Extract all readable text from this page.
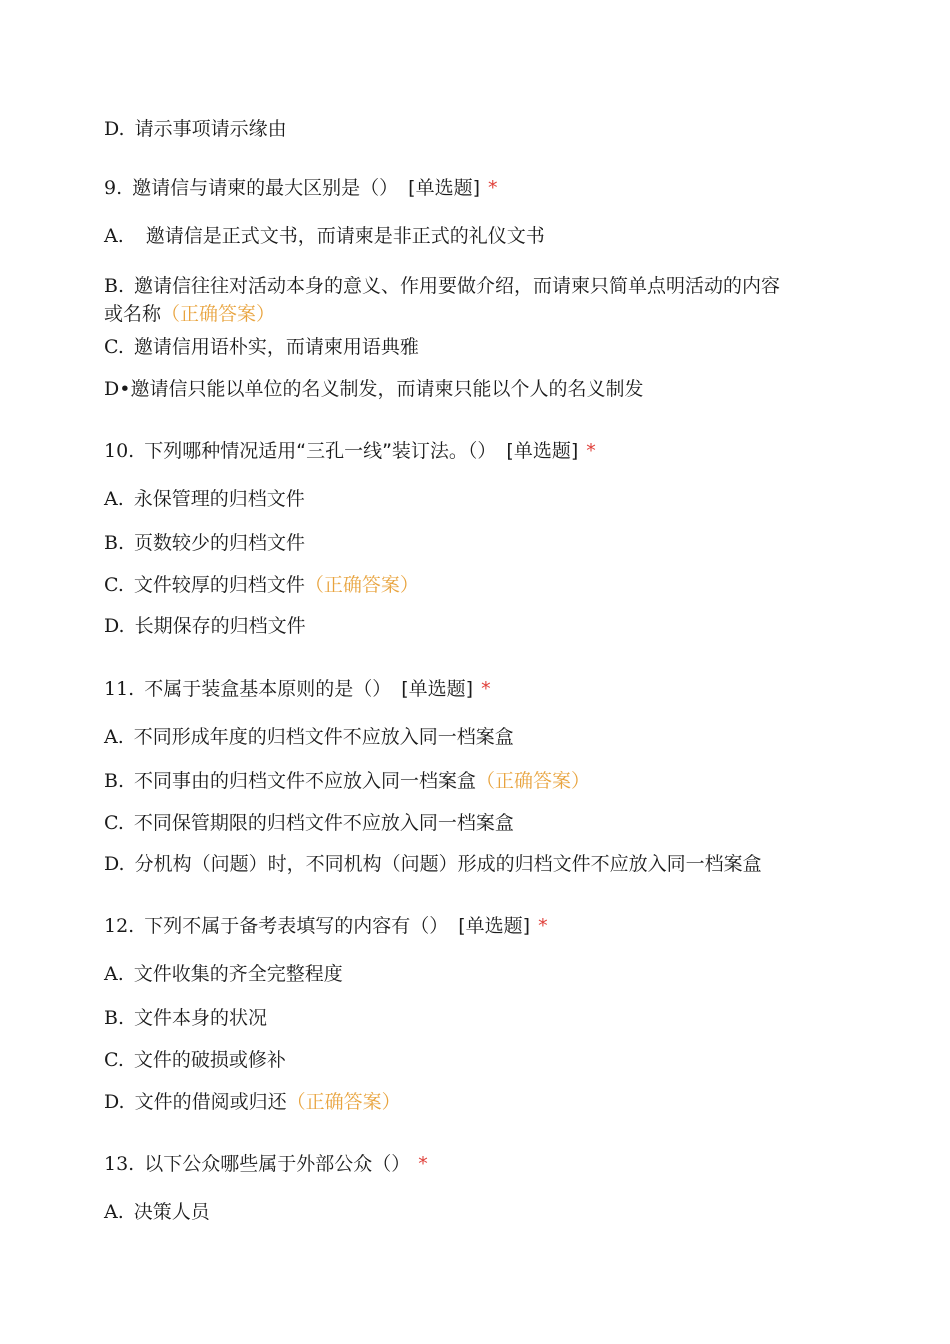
D. 请示事项请示缘由
9. 邀请信与请柬的最大区别是（） [单选题] *
A. 邀请信是正式文书，而请柬是非正式的礼仪文书
B. 邀请信往往对活动本身的意义、作用要做介绍，而请柬只简单点明活动的内容
或名称（正确答案）
C. 邀请信用语朴实，而请柬用语典雅
D•邀请信只能以单位的名义制发，而请柬只能以个人的名义制发
10. 下列哪种情况适用“三孔一线”装订法。（） [单选题] *
A. 永保管理的归档文件
B. 页数较少的归档文件
C. 文件较厚的归档文件（正确答案）
D. 长期保存的归档文件
11. 不属于装盒基本原则的是（） [单选题] *
A. 不同形成年度的归档文件不应放入同一档案盒
B. 不同事由的归档文件不应放入同一档案盒（正确答案）
C. 不同保管期限的归档文件不应放入同一档案盒
D. 分机构（问题）时，不同机构（问题）形成的归档文件不应放入同一档案盒
12. 下列不属于备考表填写的内容有（） [单选题] *
A. 文件收集的齐全完整程度
B. 文件本身的状况
C. 文件的破损或修补
D. 文件的借阅或归还（正确答案）
13. 以下公众哪些属于外部公众（） *
A. 决策人员
